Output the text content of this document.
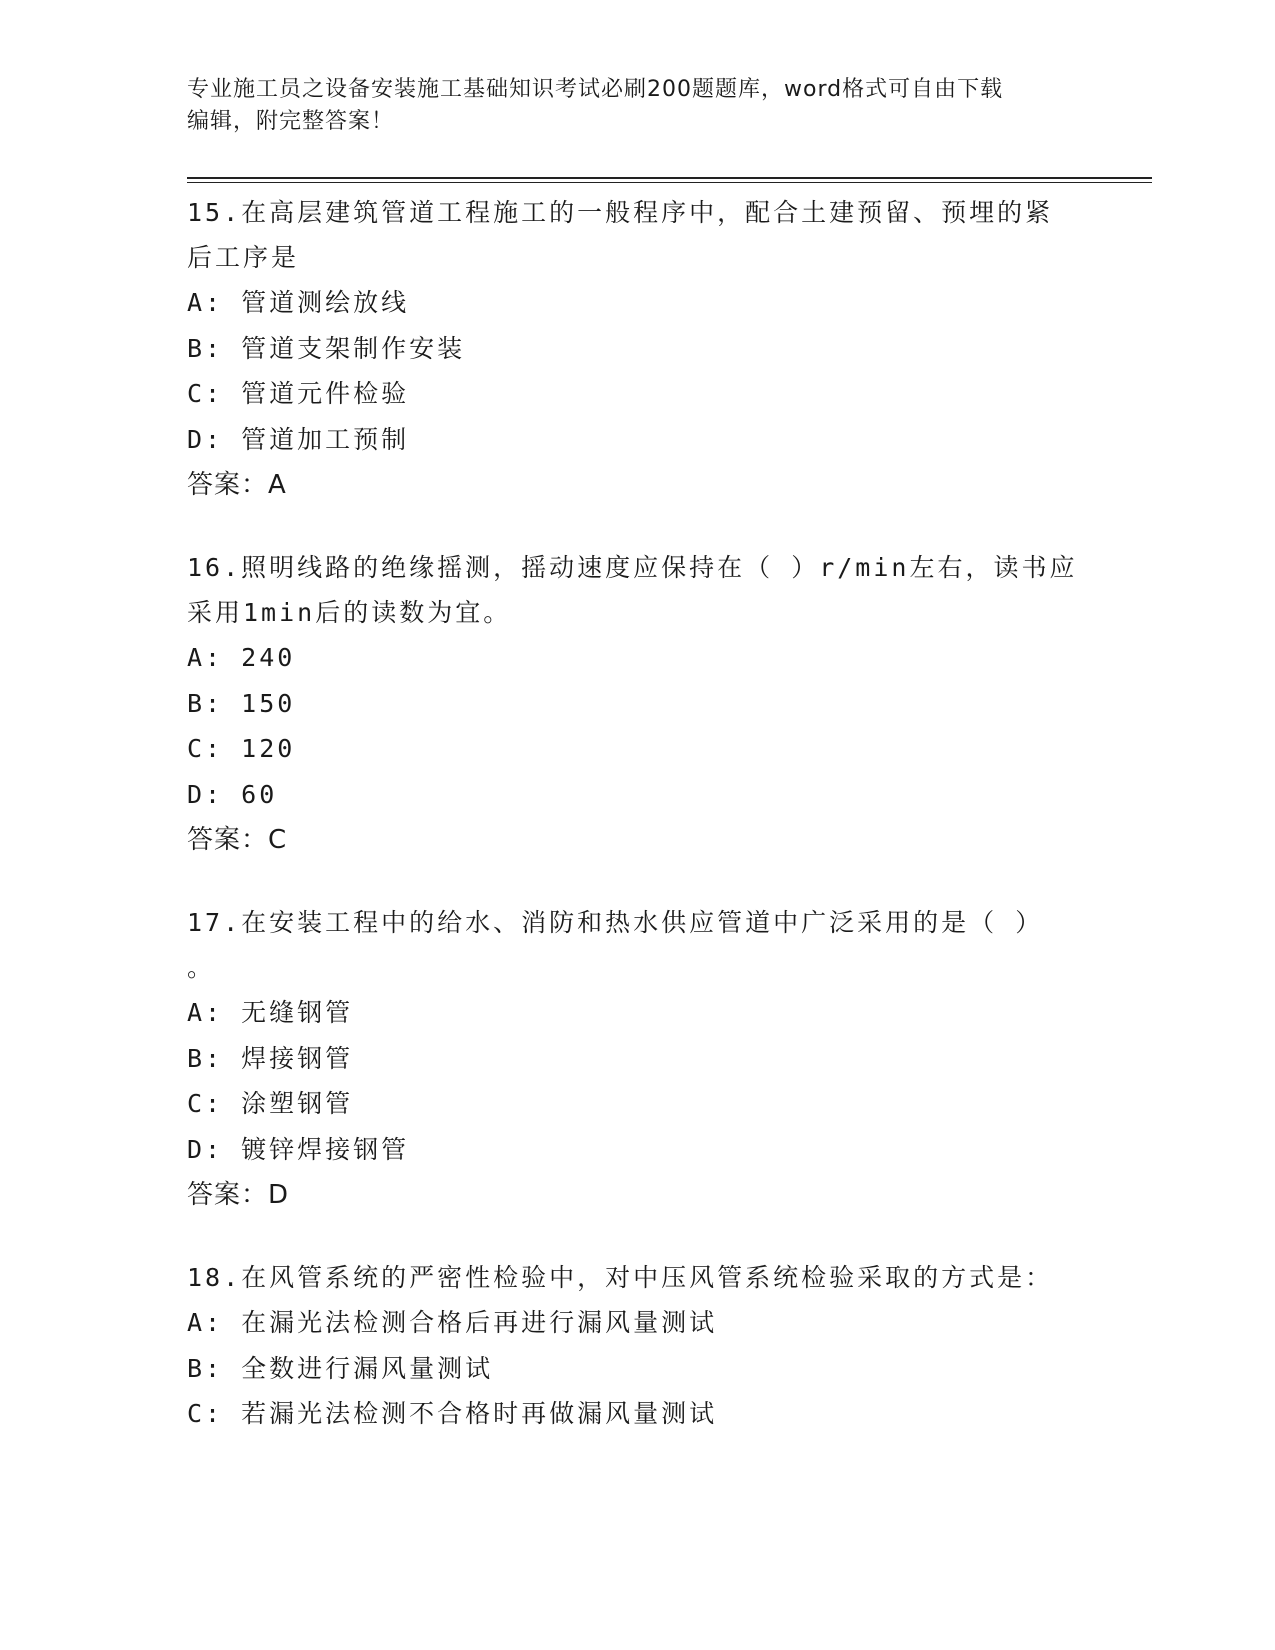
专业施工员之设备安装施工基础知识考试必刷200题题库，word格式可自由下载
编辑，附完整答案！
15.在高层建筑管道工程施工的一般程序中，配合土建预留、预埋的紧
后工序是
A: 管道测绘放线
B: 管道支架制作安装
C: 管道元件检验
D: 管道加工预制
答案：A
16.照明线路的绝缘摇测，摇动速度应保持在（ ）r/min左右，读书应
采用1min后的读数为宜。
A: 240
B: 150
C: 120
D: 60
答案：C
17.在安装工程中的给水、消防和热水供应管道中广泛采用的是（ ）
。
A: 无缝钢管
B: 焊接钢管
C: 涂塑钢管
D: 镀锌焊接钢管
答案：D
18.在风管系统的严密性检验中，对中压风管系统检验采取的方式是：
A: 在漏光法检测合格后再进行漏风量测试
B: 全数进行漏风量测试
C: 若漏光法检测不合格时再做漏风量测试
